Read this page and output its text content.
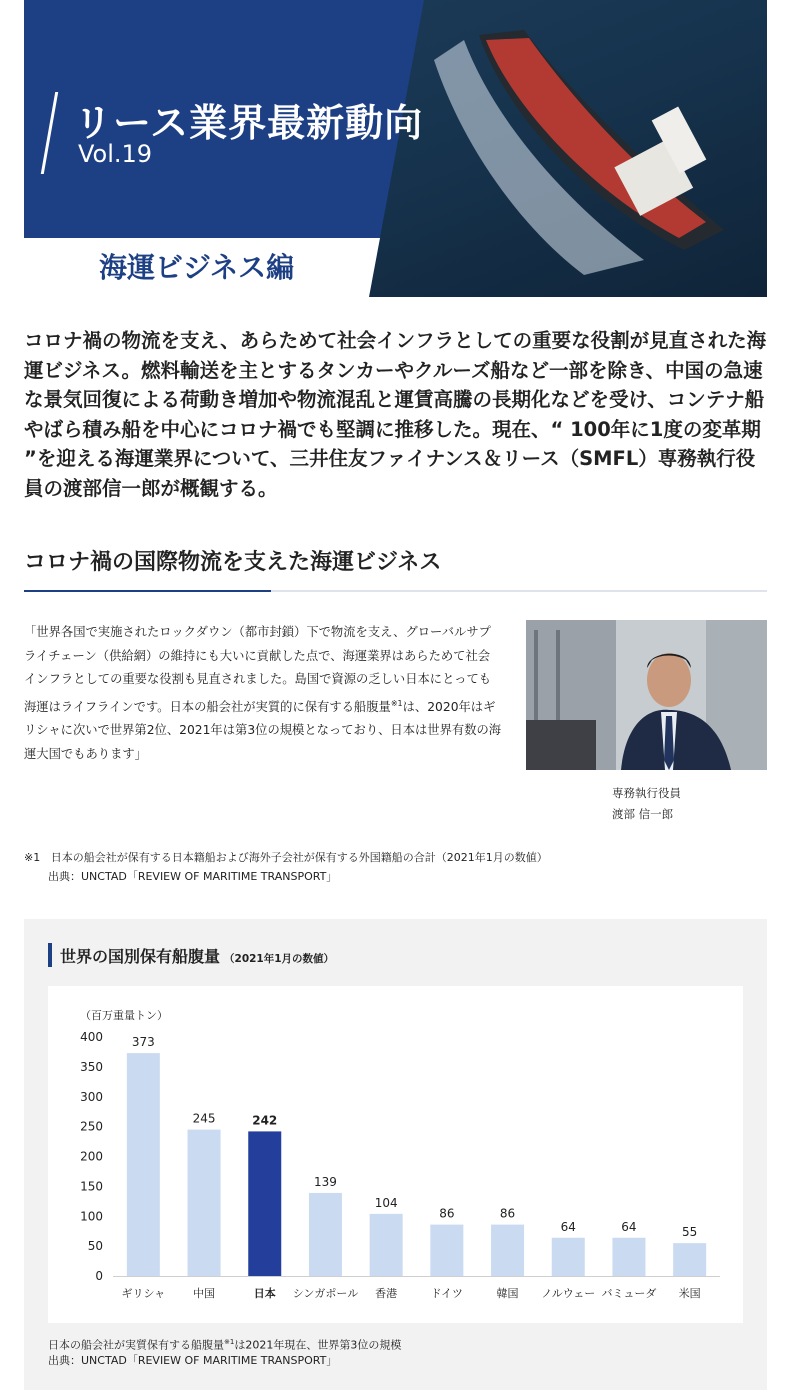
リース業界最新動向
Vol.19
海運ビジネス編

コロナ禍の物流を支え、あらためて社会インフラとしての重要な役割が見直された海運ビジネス。燃料輸送を主とするタンカーやクルーズ船など一部を除き、中国の急速な景気回復による荷動き増加や物流混乱と運賃高騰の長期化などを受け、コンテナ船やばら積み船を中心にコロナ禍でも堅調に推移した。現在、“ 100年に1度の変革期 ”を迎える海運業界について、三井住友ファイナンス＆リース（SMFL）専務執行役員の渡部信一郎が概観する。

コロナ禍の国際物流を支えた海運ビジネス

「世界各国で実施されたロックダウン（都市封鎖）下で物流を支え、グローバルサプライチェーン（供給網）の維持にも大いに貢献した点で、海運業界はあらためて社会インフラとしての重要な役割も見直されました。島国で資源の乏しい日本にとっても海運はライフラインです。日本の船会社が実質的に保有する船腹量$^{※1}$は、2020年はギリシャに次いで世界第2位、2021年は第3位の規模となっており、日本は世界有数の海運大国でもあります」

専務執行役員
渡部 信一郎
※1 日本の船会社が保有する日本籍船および海外子会社が保有する外国籍船の合計（2021年1月の数値）
出典：UNCTAD「REVIEW OF MARITIME TRANSPORT」
世界の国別保有船腹量 （2021年1月の数値）
（百万重量トン）
0
50
100
150
200
250
300
350
400 373
ギリシャ
245
中国
242
日本
139
シンガポール
104
香港
86
ドイツ
86
韓国
64
ノルウェー
64
バミューダ
55
米国
日本の船会社が実質保有する船腹量$^{※1}$は2021年現在、世界第3位の規模
出典：UNCTAD「REVIEW OF MARITIME TRANSPORT」
